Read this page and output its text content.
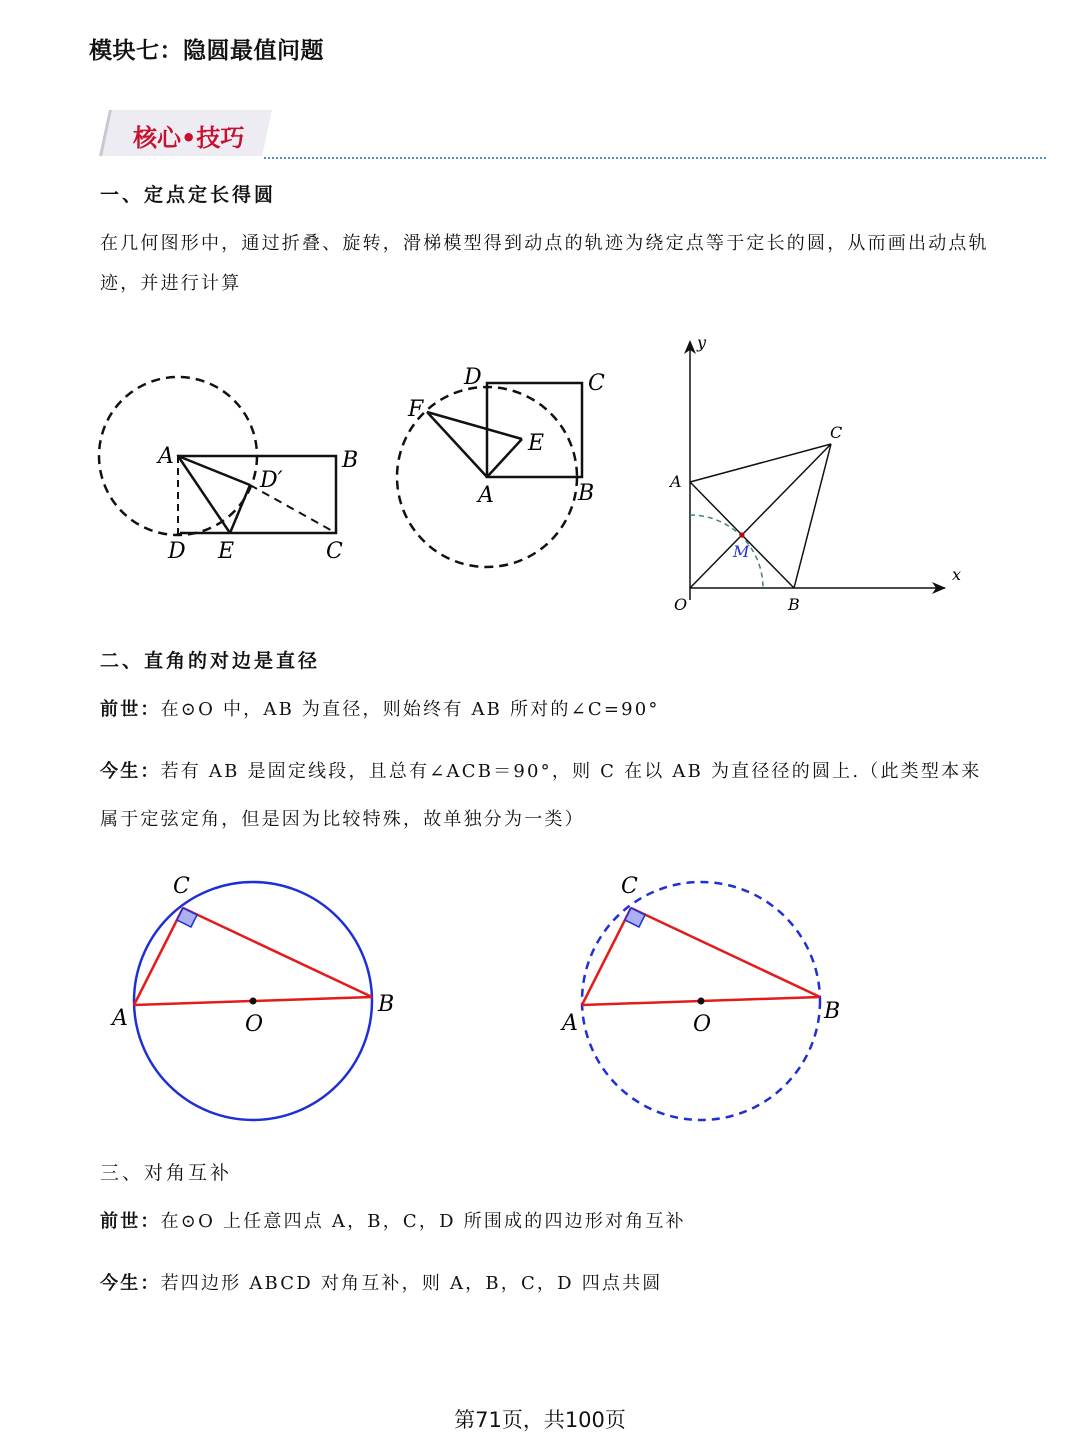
模块七：隐圆最值问题
核心•技巧
一、定点定长得圆
在几何图形中，通过折叠、旋转，滑梯模型得到动点的轨迹为绕定点等于定长的圆，从而画出动点轨迹，并进行计算
A	B
C
D E
D′
D	C
F
E
A	B
y
x
O
A
B
C
M
二、直角的对边是直径
前世：在⊙O 中，AB 为直径，则始终有 AB 所对的∠C=90°
今生：若有 AB 是固定线段，且总有∠ACB＝90°，则 C 在以 AB 为直径径的圆上.（此类型本来属于定弦定角，但是因为比较特殊，故单独分为一类）
C
A
B
O
C
A	B
O
三、对角互补
前世：在⊙O 上任意四点 A，B，C，D 所围成的四边形对角互补
今生：若四边形 ABCD 对角互补，则 A，B，C，D 四点共圆
第71页，共100页
